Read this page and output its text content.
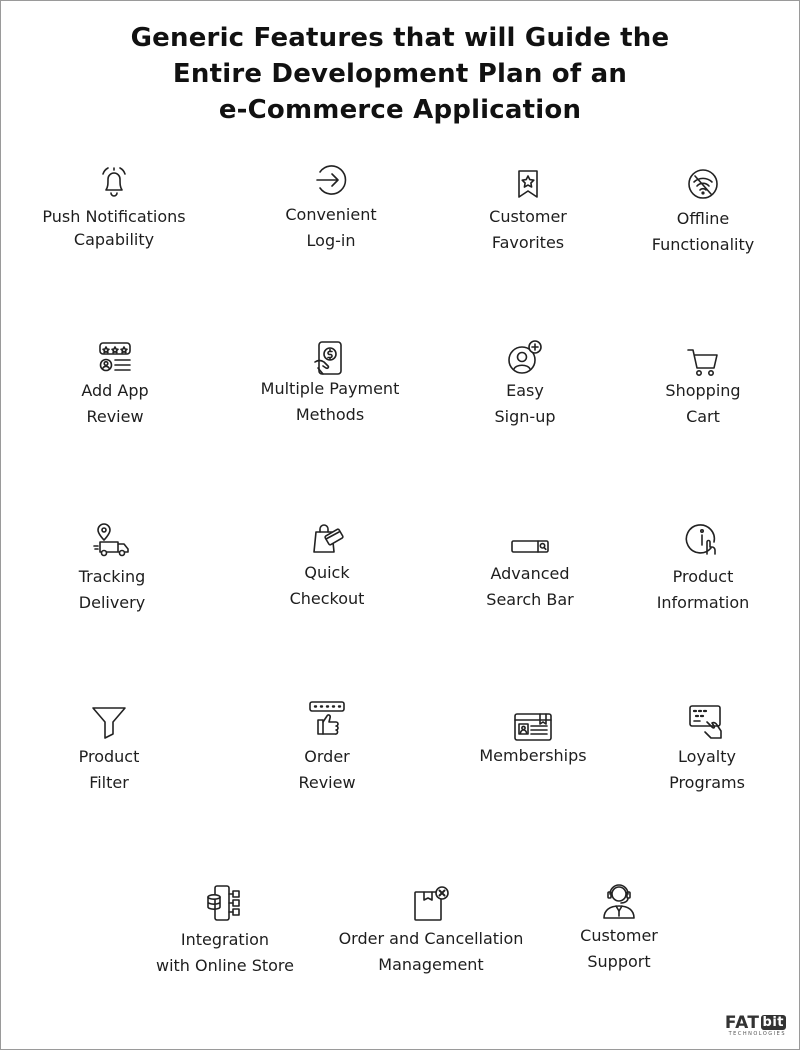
Generic Features that will Guide the
Entire Development Plan of an
e-Commerce Application
Push Notifications
Capability
Convenient
Log-in
Customer
Favorites
Offline
Functionality
Add App
Review
Multiple Payment
Methods
Easy
Sign-up
Shopping
Cart
Tracking
Delivery
Quick
Checkout
Advanced
Search Bar
Product
Information
Product
Filter
Order
Review
Memberships	Loyalty
Programs
Integration
with Online Store
Order and Cancellation
Management
Customer
Support
FAT bit
TECHNOLOGIES
